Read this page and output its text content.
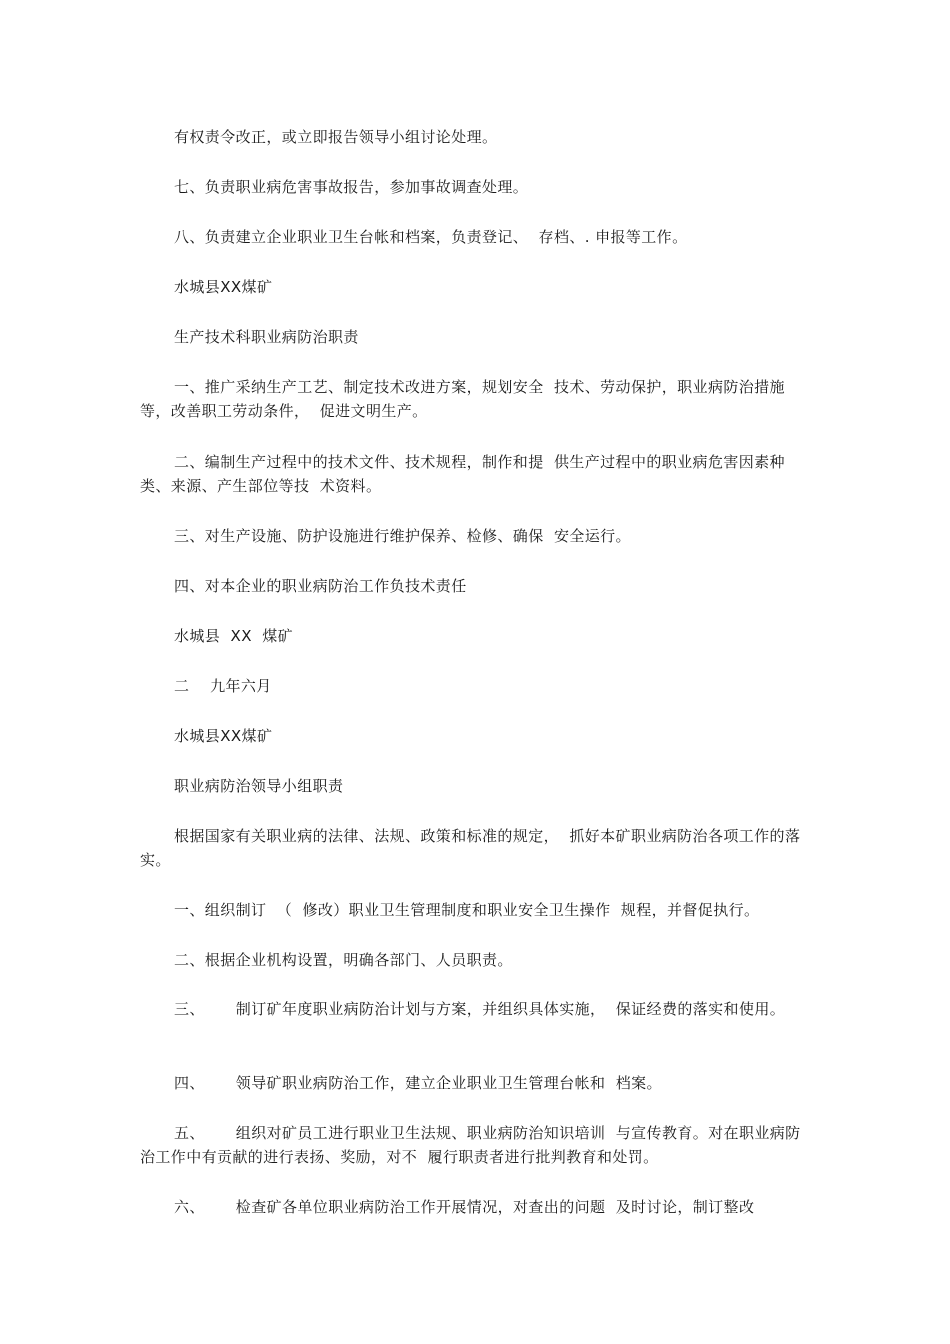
有权责令改正，或立即报告领导小组讨论处理。

七、负责职业病危害事故报告，参加事故调查处理。

八、负责建立企业职业卫生台帐和档案，负责登记、  存档、. 申报等工作。

水城县XX煤矿

生产技术科职业病防治职责

一、推广采纳生产工艺、制定技术改进方案，规划安全  技术、劳动保护，职业病防治措施等，改善职工劳动条件，  促进文明生产。

二、编制生产过程中的技术文件、技术规程，制作和提  供生产过程中的职业病危害因素种类、来源、产生部位等技  术资料。

三、对生产设施、防护设施进行维护保养、检修、确保  安全运行。

四、对本企业的职业病防治工作负技术责任

水城县  XX  煤矿

二    九年六月

水城县XX煤矿

职业病防治领导小组职责

根据国家有关职业病的法律、法规、政策和标准的规定，  抓好本矿职业病防治各项工作的落实。

一、组织制订  （  修改）职业卫生管理制度和职业安全卫生操作  规程，并督促执行。

二、根据企业机构设置，明确各部门、人员职责。

三、      制订矿年度职业病防治计划与方案，并组织具体实施，  保证经费的落实和使用。

四、      领导矿职业病防治工作，建立企业职业卫生管理台帐和  档案。

五、      组织对矿员工进行职业卫生法规、职业病防治知识培训  与宣传教育。对在职业病防治工作中有贡献的进行表扬、奖励，对不  履行职责者进行批判教育和处罚。

六、      检查矿各单位职业病防治工作开展情况，对查出的问题  及时讨论，制订整改
